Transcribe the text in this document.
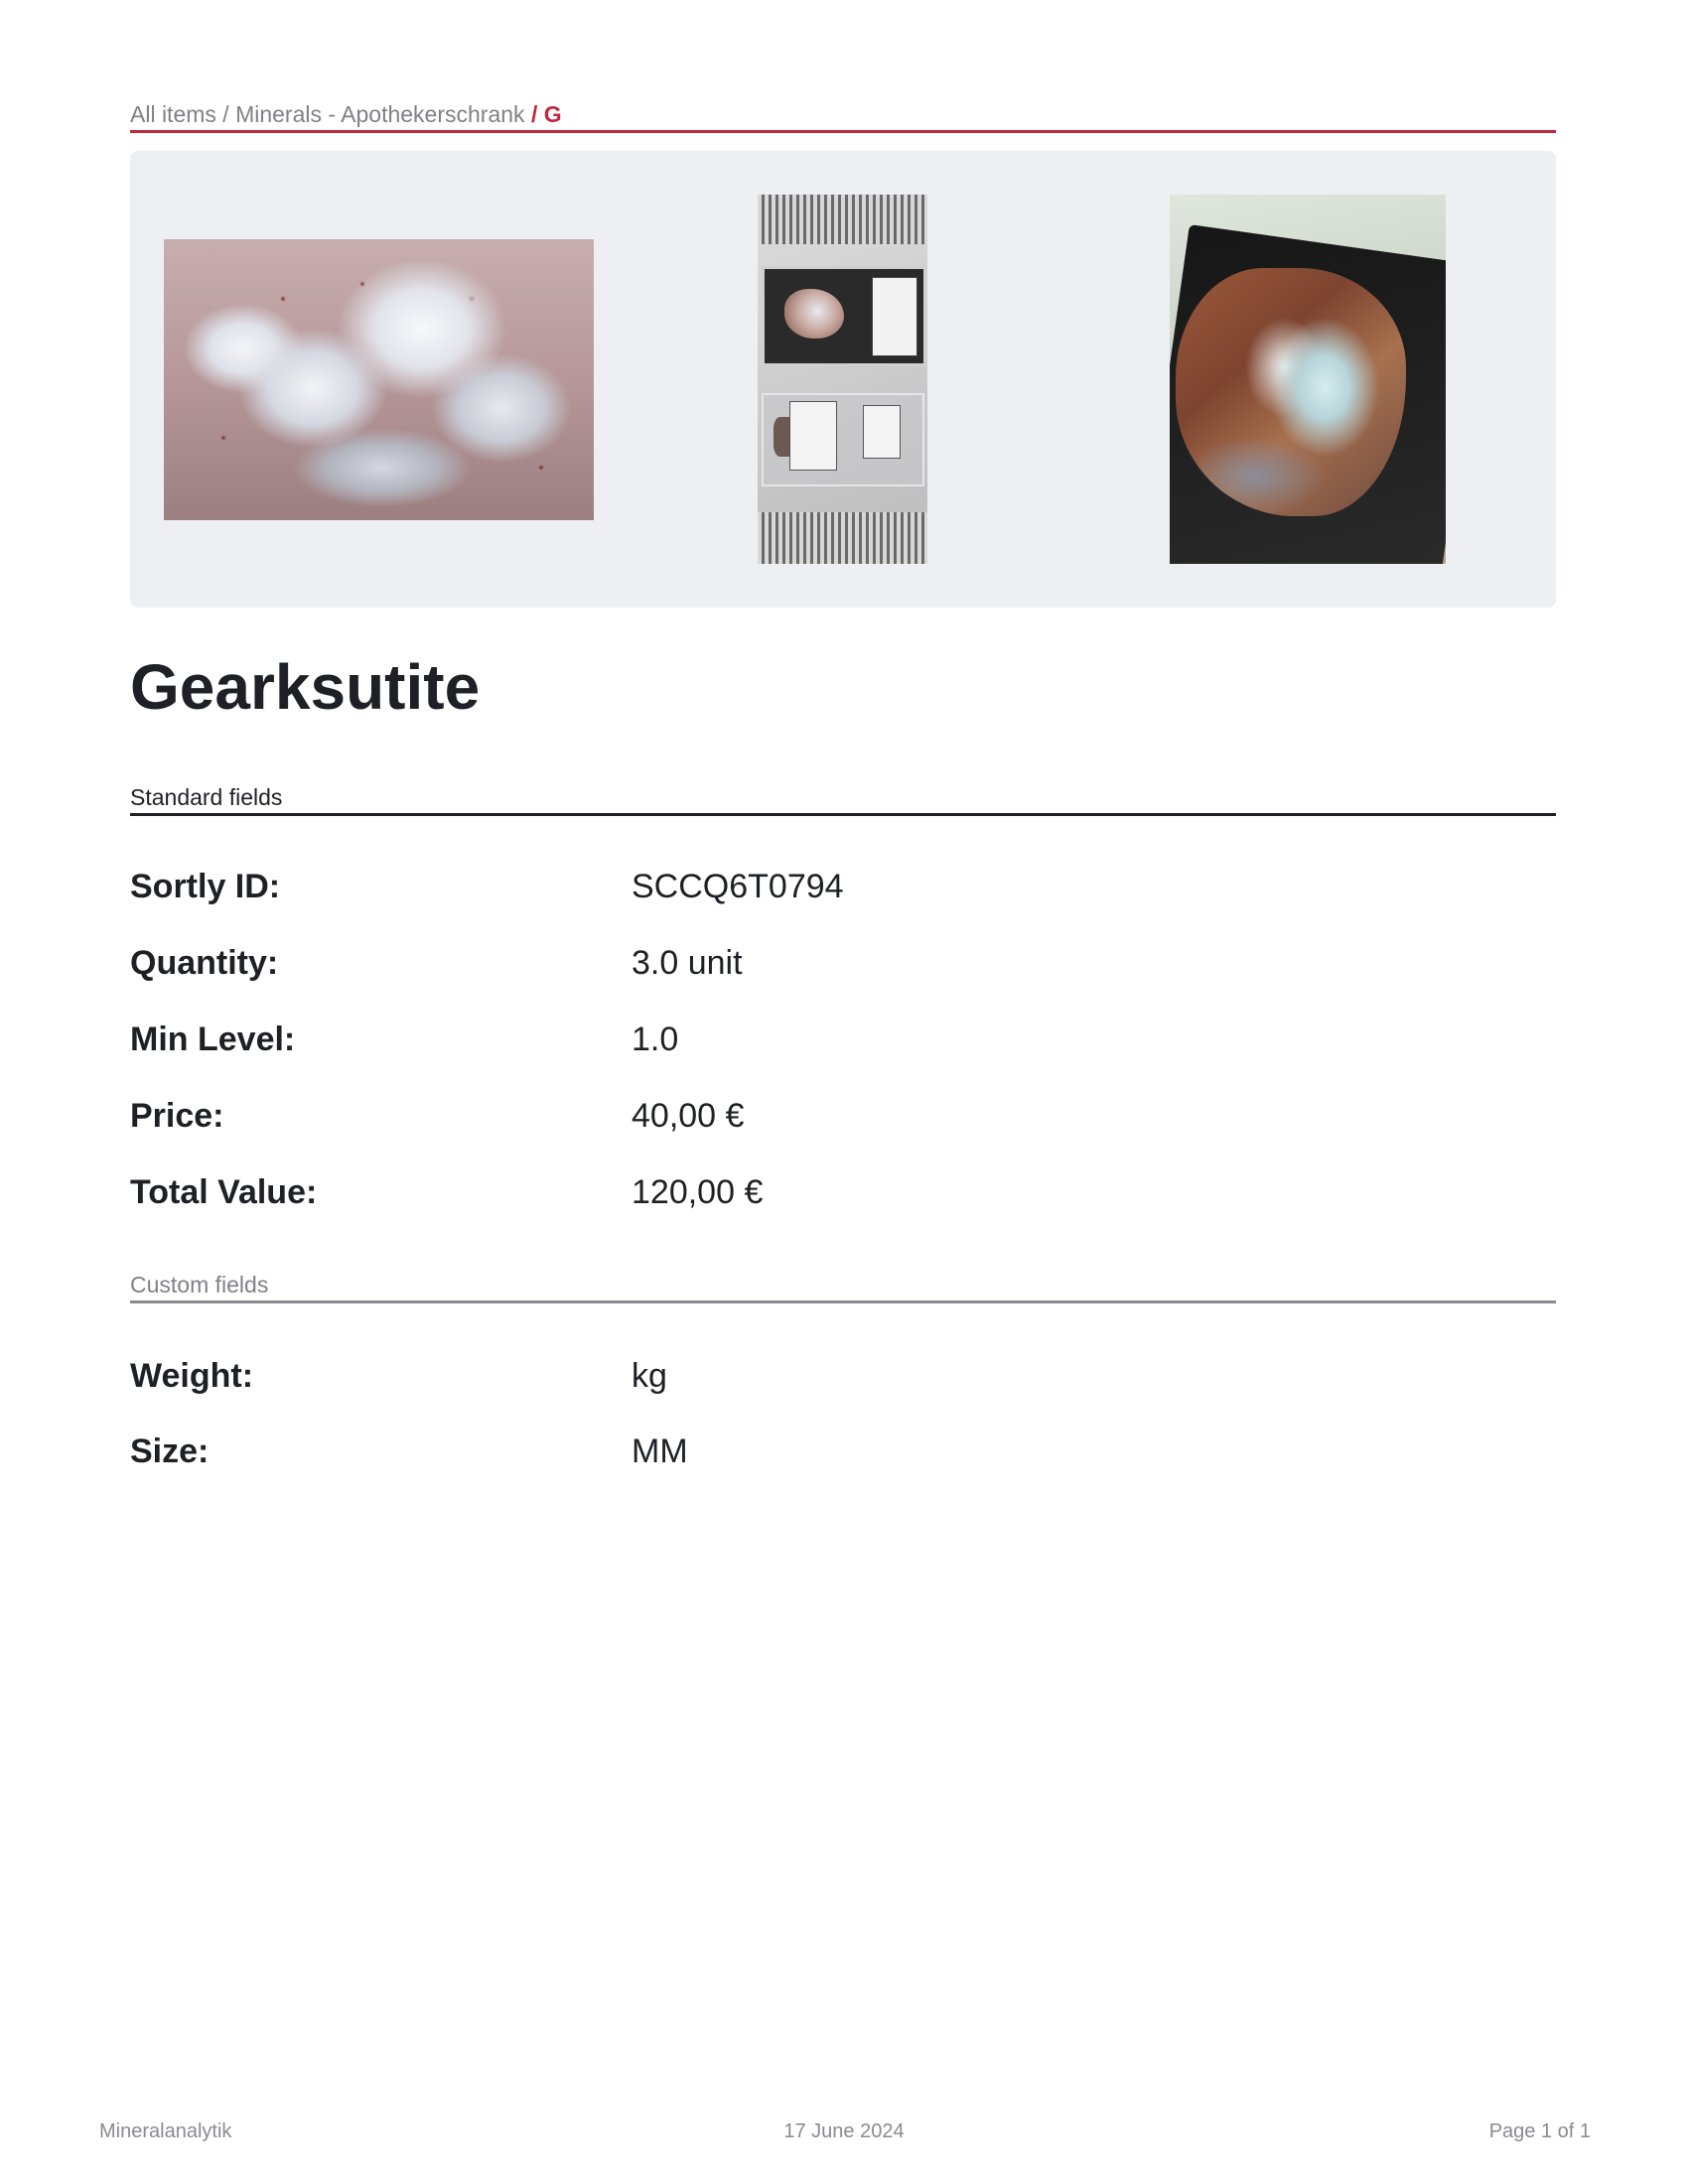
All items / Minerals - Apothekerschrank / G
Gearksutite
Standard fields
Sortly ID:	SCCQ6T0794
Quantity:	3.0 unit
Min Level:	1.0
Price:	40,00 €
Total Value:	120,00 €
Custom fields
Weight:	kg
Size:	MM
Mineralanalytik	17 June 2024	Page 1 of 1
